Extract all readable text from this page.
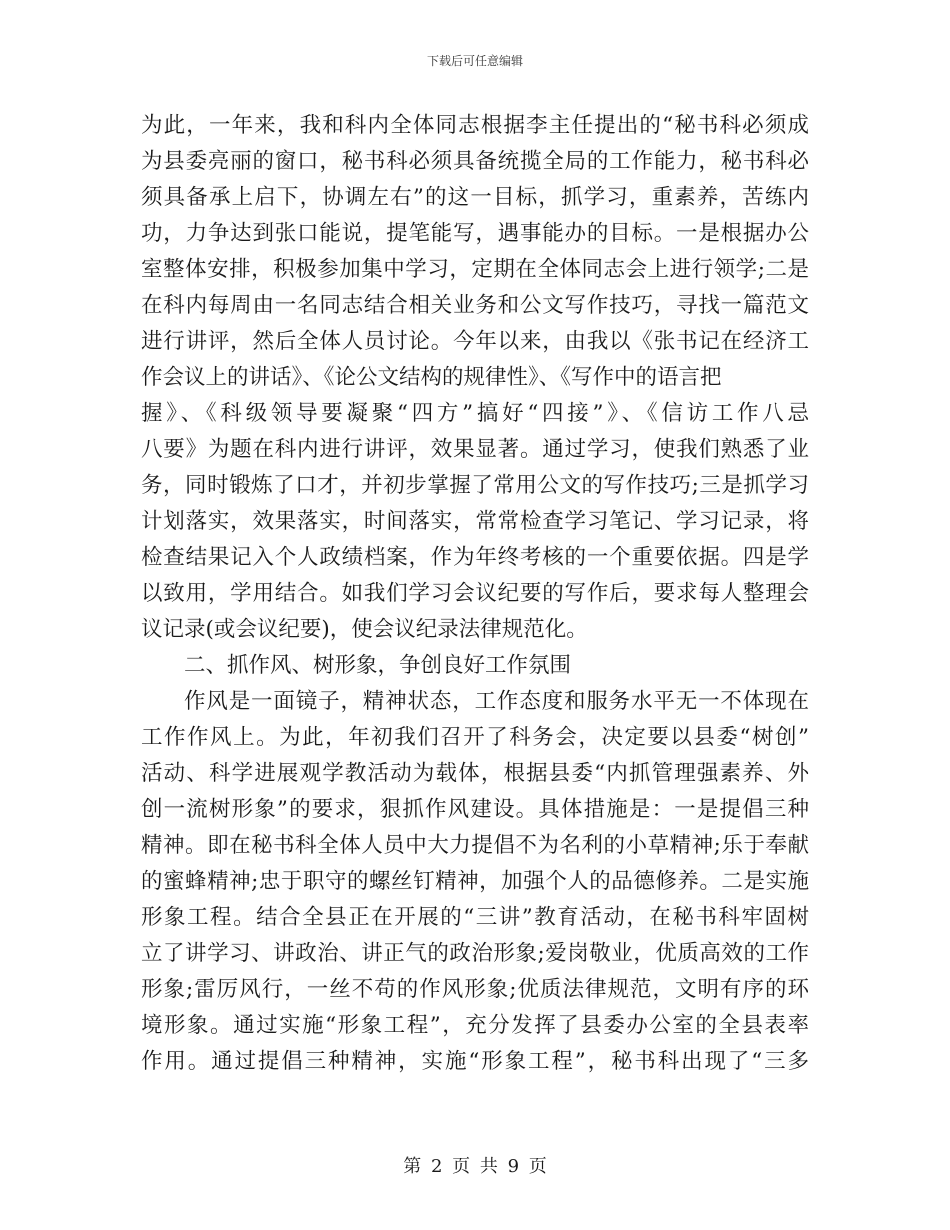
下载后可任意编辑
为此，一年来，我和科内全体同志根据李主任提出的“秘书科必须成
为县委亮丽的窗口，秘书科必须具备统揽全局的工作能力，秘书科必
须具备承上启下，协调左右”的这一目标，抓学习，重素养，苦练内
功，力争达到张口能说，提笔能写，遇事能办的目标。一是根据办公
室整体安排，积极参加集中学习，定期在全体同志会上进行领学;二是
在科内每周由一名同志结合相关业务和公文写作技巧，寻找一篇范文
进行讲评，然后全体人员讨论。今年以来，由我以《张书记在经济工
作会议上的讲话》、《论公文结构的规律性》、《写作中的语言把
握》、《科级领导要凝聚“四方”搞好“四接”》、《信访工作八忌
八要》为题在科内进行讲评，效果显著。通过学习，使我们熟悉了业
务，同时锻炼了口才，并初步掌握了常用公文的写作技巧;三是抓学习
计划落实，效果落实，时间落实，常常检查学习笔记、学习记录，将
检查结果记入个人政绩档案，作为年终考核的一个重要依据。四是学
以致用，学用结合。如我们学习会议纪要的写作后，要求每人整理会
议记录(或会议纪要)，使会议纪录法律规范化。
二、抓作风、树形象，争创良好工作氛围
作风是一面镜子，精神状态，工作态度和服务水平无一不体现在
工作作风上。为此，年初我们召开了科务会，决定要以县委“树创”
活动、科学进展观学教活动为载体，根据县委“内抓管理强素养、外
创一流树形象”的要求，狠抓作风建设。具体措施是：一是提倡三种
精神。即在秘书科全体人员中大力提倡不为名利的小草精神;乐于奉献
的蜜蜂精神;忠于职守的螺丝钉精神，加强个人的品德修养。二是实施
形象工程。结合全县正在开展的“三讲”教育活动，在秘书科牢固树
立了讲学习、讲政治、讲正气的政治形象;爱岗敬业，优质高效的工作
形象;雷厉风行，一丝不苟的作风形象;优质法律规范，文明有序的环
境形象。通过实施“形象工程”，充分发挥了县委办公室的全县表率
作用。通过提倡三种精神，实施“形象工程”，秘书科出现了“三多
第 2 页 共 9 页
